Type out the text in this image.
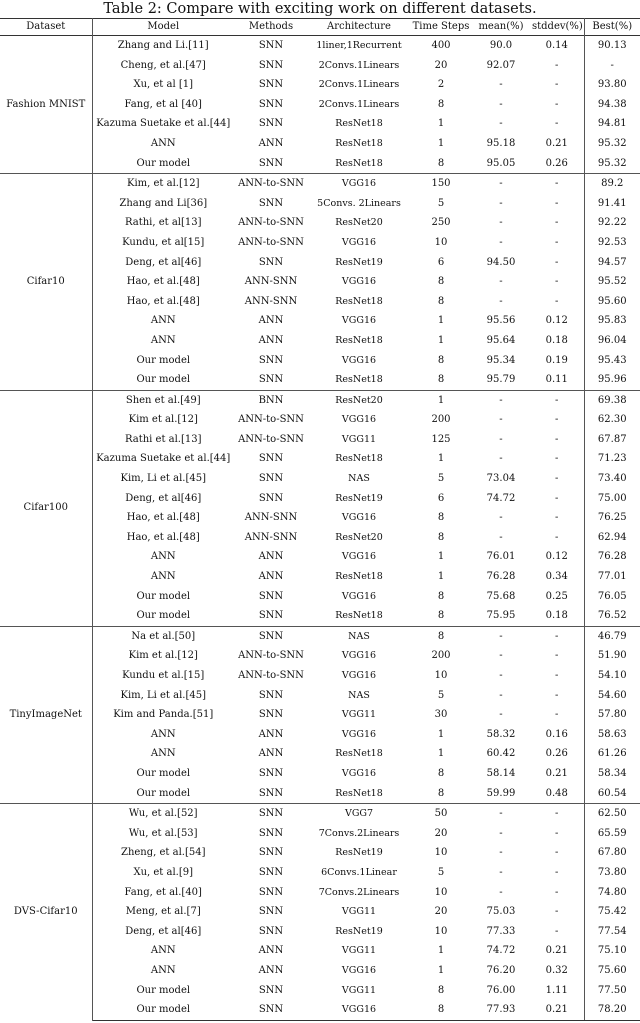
Table 2: Compare with exciting work on different datasets.
Dataset	Model	Methods	Architecture	Time Steps	mean(%)	stddev(%)	Best(%)
Fashion MNIST	Zhang and Li.[11]	SNN	1liner,1Recurrent	400	90.0	0.14	90.13
	Cheng, et al.[47]	SNN	2Convs.1Linears	20	92.07	-	-
	Xu, et al [1]	SNN	2Convs.1Linears	2	-	-	93.80
	Fang, et al [40]	SNN	2Convs.1Linears	8	-	-	94.38
	Kazuma Suetake et al.[44]	SNN	ResNet18	1	-	-	94.81
	ANN	ANN	ResNet18	1	95.18	0.21	95.32
	Our model	SNN	ResNet18	8	95.05	0.26	95.32
Cifar10	Kim, et al.[12]	ANN-to-SNN	VGG16	150	-	-	89.2
	Zhang and Li[36]	SNN	5Convs. 2Linears	5	-	-	91.41
	Rathi, et al[13]	ANN-to-SNN	ResNet20	250	-	-	92.22
	Kundu, et al[15]	ANN-to-SNN	VGG16	10	-	-	92.53
	Deng, et al[46]	SNN	ResNet19	6	94.50	-	94.57
	Hao, et al.[48]	ANN-SNN	VGG16	8	-	-	95.52
	Hao, et al.[48]	ANN-SNN	ResNet18	8	-	-	95.60
	ANN	ANN	VGG16	1	95.56	0.12	95.83
	ANN	ANN	ResNet18	1	95.64	0.18	96.04
	Our model	SNN	VGG16	8	95.34	0.19	95.43
	Our model	SNN	ResNet18	8	95.79	0.11	95.96
Cifar100	Shen et al.[49]	BNN	ResNet20	1	-	-	69.38
	Kim et al.[12]	ANN-to-SNN	VGG16	200	-	-	62.30
	Rathi et al.[13]	ANN-to-SNN	VGG11	125	-	-	67.87
	Kazuma Suetake et al.[44]	SNN	ResNet18	1	-	-	71.23
	Kim, Li et al.[45]	SNN	NAS	5	73.04	-	73.40
	Deng, et al[46]	SNN	ResNet19	6	74.72	-	75.00
	Hao, et al.[48]	ANN-SNN	VGG16	8	-	-	76.25
	Hao, et al.[48]	ANN-SNN	ResNet20	8	-	-	62.94
	ANN	ANN	VGG16	1	76.01	0.12	76.28
	ANN	ANN	ResNet18	1	76.28	0.34	77.01
	Our model	SNN	VGG16	8	75.68	0.25	76.05
	Our model	SNN	ResNet18	8	75.95	0.18	76.52
TinyImageNet	Na et al.[50]	SNN	NAS	8	-	-	46.79
	Kim et al.[12]	ANN-to-SNN	VGG16	200	-	-	51.90
	Kundu et al.[15]	ANN-to-SNN	VGG16	10	-	-	54.10
	Kim, Li et al.[45]	SNN	NAS	5	-	-	54.60
	Kim and Panda.[51]	SNN	VGG11	30	-	-	57.80
	ANN	ANN	VGG16	1	58.32	0.16	58.63
	ANN	ANN	ResNet18	1	60.42	0.26	61.26
	Our model	SNN	VGG16	8	58.14	0.21	58.34
	Our model	SNN	ResNet18	8	59.99	0.48	60.54
DVS-Cifar10	Wu, et al.[52]	SNN	VGG7	50	-	-	62.50
	Wu, et al.[53]	SNN	7Convs.2Linears	20	-	-	65.59
	Zheng, et al.[54]	SNN	ResNet19	10	-	-	67.80
	Xu, et al.[9]	SNN	6Convs.1Linear	5	-	-	73.80
	Fang, et al.[40]	SNN	7Convs.2Linears	10	-	-	74.80
	Meng, et al.[7]	SNN	VGG11	20	75.03	-	75.42
	Deng, et al[46]	SNN	ResNet19	10	77.33	-	77.54
	ANN	ANN	VGG11	1	74.72	0.21	75.10
	ANN	ANN	VGG16	1	76.20	0.32	75.60
	Our model	SNN	VGG11	8	76.00	1.11	77.50
	Our model	SNN	VGG16	8	77.93	0.21	78.20
